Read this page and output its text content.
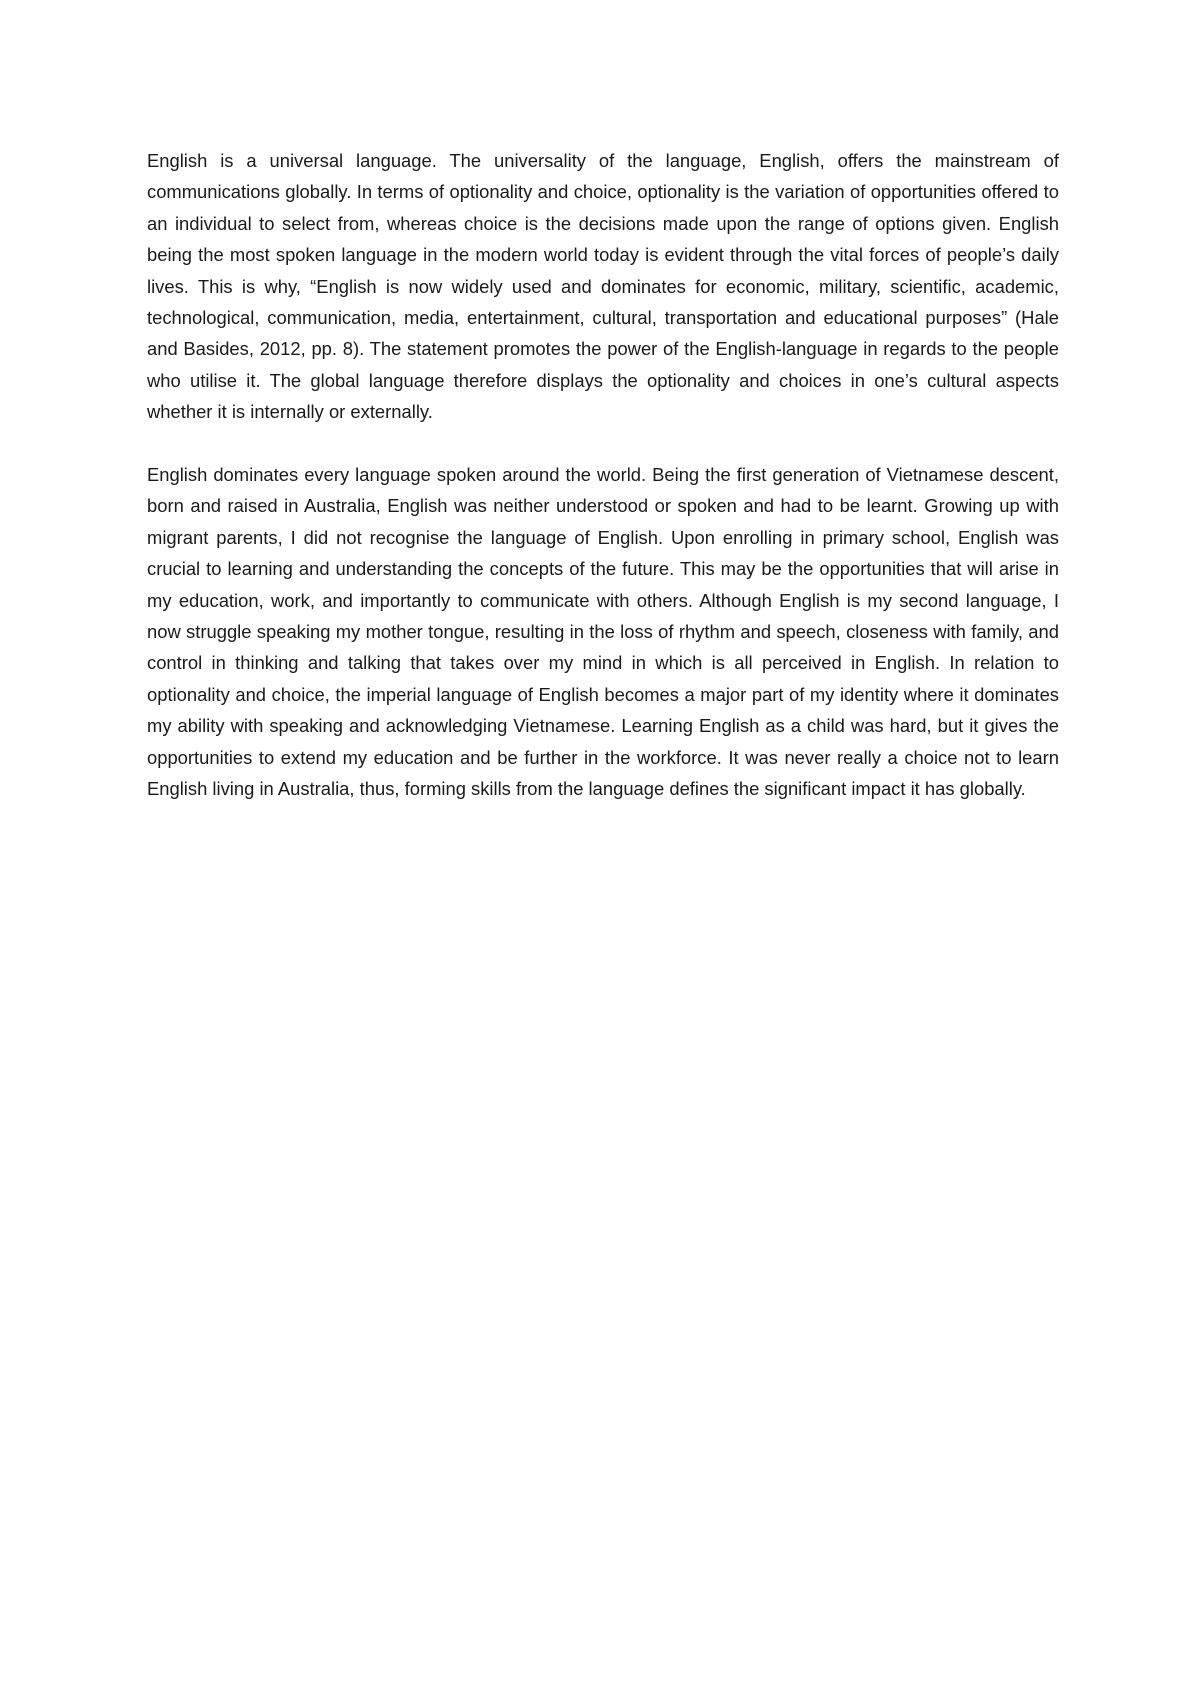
English is a universal language. The universality of the language, English, offers the mainstream of communications globally. In terms of optionality and choice, optionality is the variation of opportunities offered to an individual to select from, whereas choice is the decisions made upon the range of options given. English being the most spoken language in the modern world today is evident through the vital forces of people’s daily lives. This is why, “English is now widely used and dominates for economic, military, scientific, academic, technological, communication, media, entertainment, cultural, transportation and educational purposes” (Hale and Basides, 2012, pp. 8). The statement promotes the power of the English-language in regards to the people who utilise it. The global language therefore displays the optionality and choices in one’s cultural aspects whether it is internally or externally.

English dominates every language spoken around the world. Being the first generation of Vietnamese descent, born and raised in Australia, English was neither understood or spoken and had to be learnt. Growing up with migrant parents, I did not recognise the language of English. Upon enrolling in primary school, English was crucial to learning and understanding the concepts of the future. This may be the opportunities that will arise in my education, work, and importantly to communicate with others. Although English is my second language, I now struggle speaking my mother tongue, resulting in the loss of rhythm and speech, closeness with family, and control in thinking and talking that takes over my mind in which is all perceived in English. In relation to optionality and choice, the imperial language of English becomes a major part of my identity where it dominates my ability with speaking and acknowledging Vietnamese. Learning English as a child was hard, but it gives the opportunities to extend my education and be further in the workforce. It was never really a choice not to learn English living in Australia, thus, forming skills from the language defines the significant impact it has globally.
